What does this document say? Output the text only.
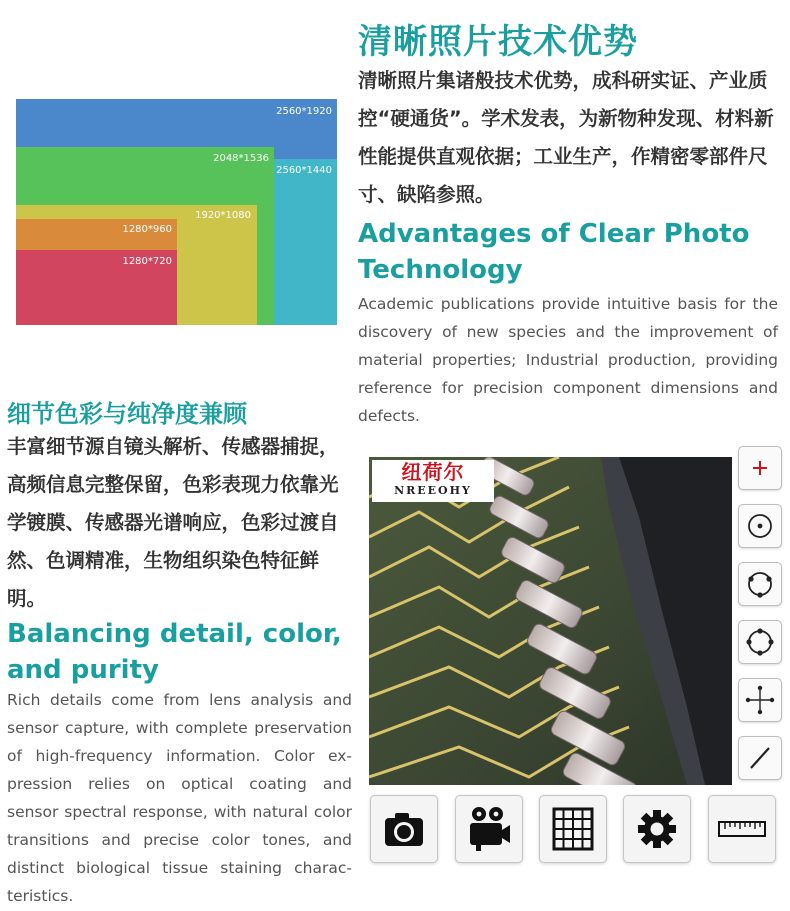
2560*1920
2560*1440
2048*1536
1920*1080
1280*960
1280*720
清晰照片技术优势
清晰照片集诸般技术优势，成科研实证、产业质控“硬通货”。学术发表，为新物种发现、材料新性能提供直观依据；工业生产，作精密零部件尺寸、缺陷参照。
Advantages of Clear Photo Technology
Academic publications provide intuitive basis for the discovery of new species and the improvement of material properties; Industrial production, providing reference for precision component dimensions and defects.
细节色彩与纯净度兼顾
丰富细节源自镜头解析、传感器捕捉，高频信息完整保留，色彩表现力依靠光学镀膜、传感器光谱响应，色彩过渡自然、色调精准，生物组织染色特征鲜明。
Balancing detail, color, and purity
Rich details come from lens analysis and sensor capture, with complete preservation of high-frequency information. Color ex-pression relies on optical coating and sensor spectral response, with natural color transitions and precise color tones, and distinct biological tissue staining charac-teristics.
纽荷尔
NREEOHY
